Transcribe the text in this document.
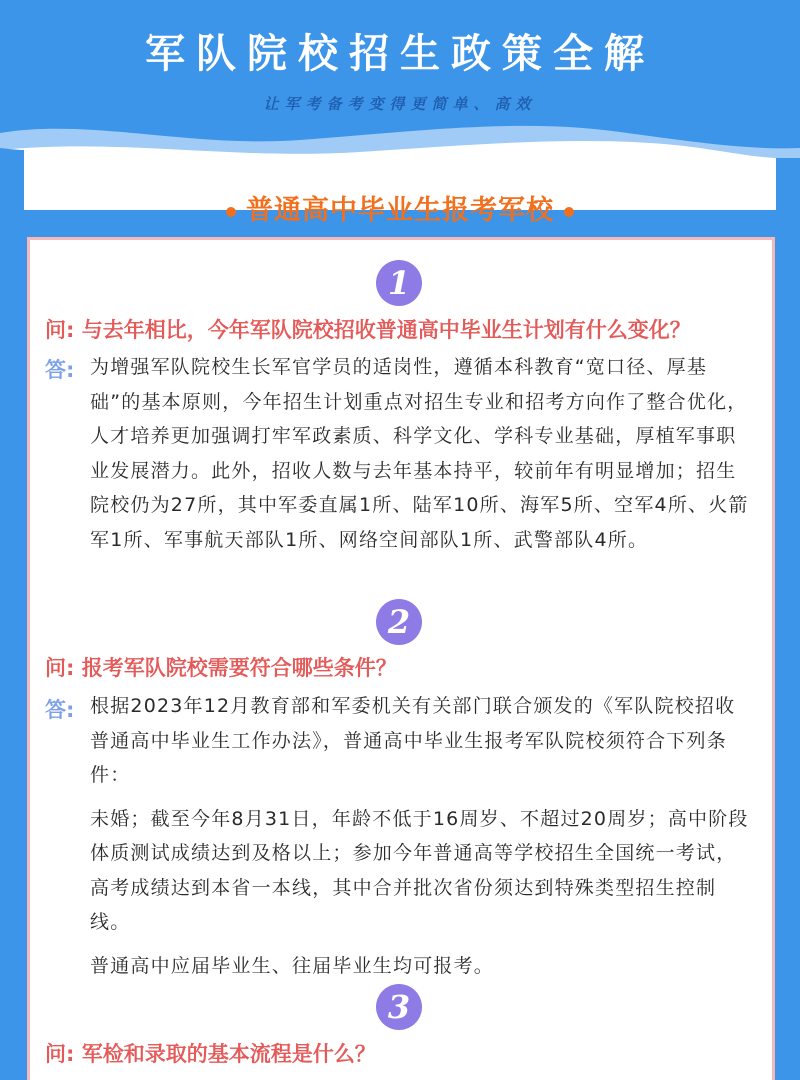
军队院校招生政策全解
让军考备考变得更简单、高效
普通高中毕业生报考军校
1
问: 与去年相比，今年军队院校招收普通高中毕业生计划有什么变化？
答: 为增强军队院校生长军官学员的适岗性，遵循本科教育“宽口径、厚基础”的基本原则，今年招生计划重点对招生专业和招考方向作了整合优化，人才培养更加强调打牢军政素质、科学文化、学科专业基础，厚植军事职业发展潜力。此外，招收人数与去年基本持平，较前年有明显增加；招生院校仍为27所，其中军委直属1所、陆军10所、海军5所、空军4所、火箭军1所、军事航天部队1所、网络空间部队1所、武警部队4所。

2
问: 报考军队院校需要符合哪些条件？
答: 根据2023年12月教育部和军委机关有关部门联合颁发的《军队院校招收普通高中毕业生工作办法》，普通高中毕业生报考军队院校须符合下列条件：

未婚；截至今年8月31日，年龄不低于16周岁、不超过20周岁；高中阶段体质测试成绩达到及格以上；参加今年普通高等学校招生全国统一考试，高考成绩达到本省一本线，其中合并批次省份须达到特殊类型招生控制线。

普通高中应届毕业生、往届毕业生均可报考。

3
问: 军检和录取的基本流程是什么？
